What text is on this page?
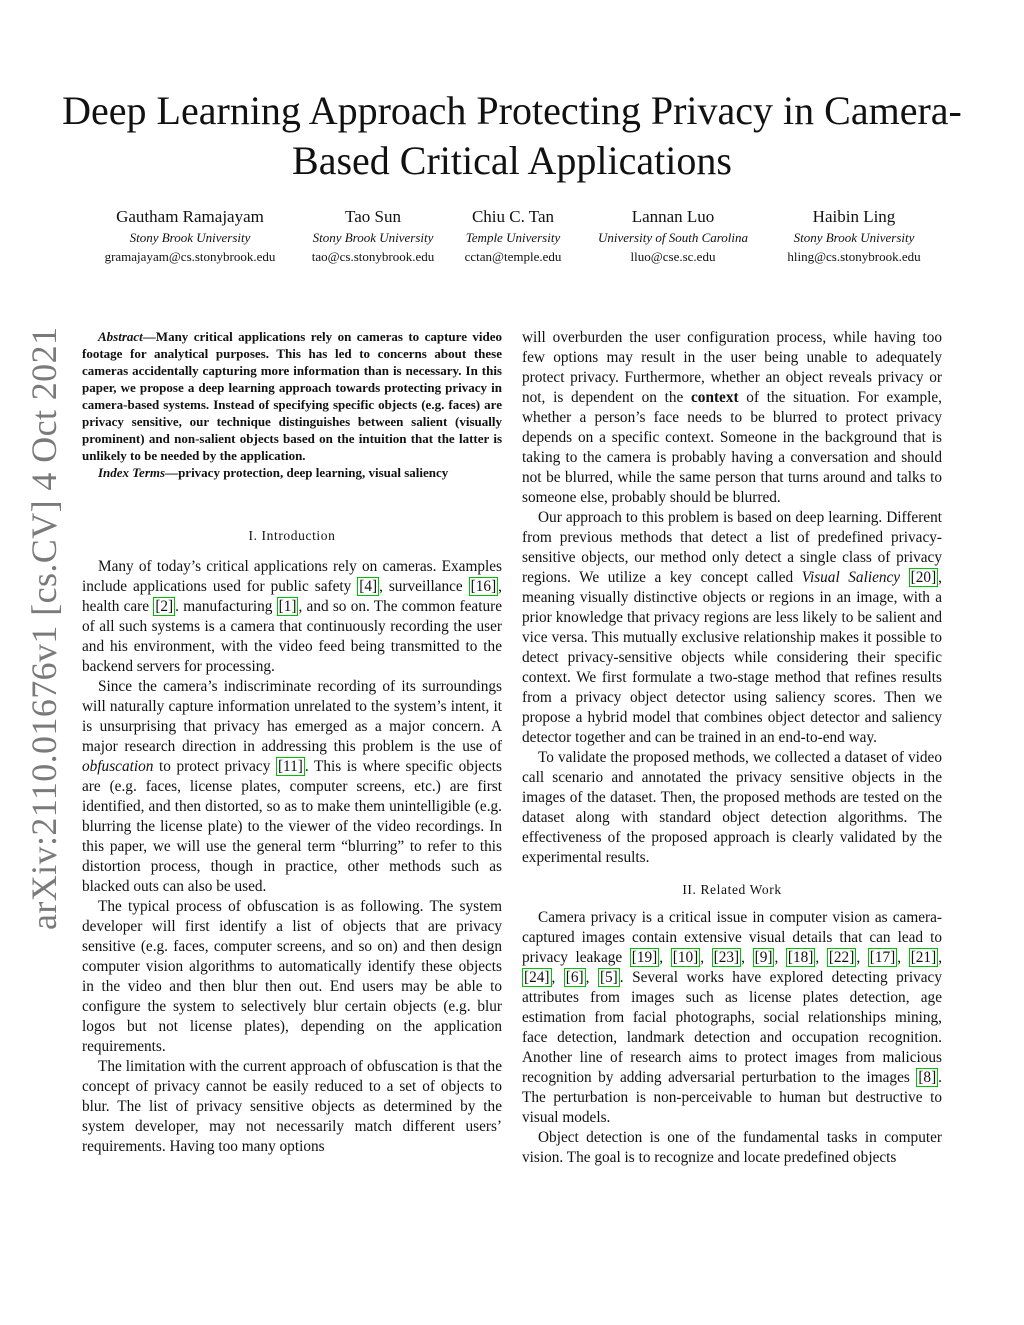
arXiv:2110.01676v1 [cs.CV] 4 Oct 2021
Deep Learning Approach Protecting Privacy in Camera-Based Critical Applications
Gautham Ramajayam
Stony Brook University
gramajayam@cs.stonybrook.edu
Tao Sun
Stony Brook University
tao@cs.stonybrook.edu
Chiu C. Tan
Temple University
cctan@temple.edu
Lannan Luo
University of South Carolina
lluo@cse.sc.edu
Haibin Ling
Stony Brook University
hling@cs.stonybrook.edu

Abstract—Many critical applications rely on cameras to capture video footage for analytical purposes. This has led to concerns about these cameras accidentally capturing more information than is necessary. In this paper, we propose a deep learning approach towards protecting privacy in camera-based systems. Instead of specifying specific objects (e.g. faces) are privacy sensitive, our technique distinguishes between salient (visually prominent) and non-salient objects based on the intuition that the latter is unlikely to be needed by the application.

Index Terms—privacy protection, deep learning, visual saliency

I. Introduction

Many of today’s critical applications rely on cameras. Examples include applications used for public safety [4] , surveillance [16] , health care [2] . manufacturing [1] , and so on. The common feature of all such systems is a camera that continuously recording the user and his environment, with the video feed being transmitted to the backend servers for processing.

Since the camera’s indiscriminate recording of its surroundings will naturally capture information unrelated to the system’s intent, it is unsurprising that privacy has emerged as a major concern. A major research direction in addressing this problem is the use of obfuscation to protect privacy [11] . This is where specific objects are (e.g. faces, license plates, computer screens, etc.) are first identified, and then distorted, so as to make them unintelligible (e.g. blurring the license plate) to the viewer of the video recordings. In this paper, we will use the general term “blurring” to refer to this distortion process, though in practice, other methods such as blacked outs can also be used.

The typical process of obfuscation is as following. The system developer will first identify a list of objects that are privacy sensitive (e.g. faces, computer screens, and so on) and then design computer vision algorithms to automatically identify these objects in the video and then blur then out. End users may be able to configure the system to selectively blur certain objects (e.g. blur logos but not license plates), depending on the application requirements.

The limitation with the current approach of obfuscation is that the concept of privacy cannot be easily reduced to a set of objects to blur. The list of privacy sensitive objects as determined by the system developer, may not necessarily match different users’ requirements. Having too many options

will overburden the user configuration process, while having too few options may result in the user being unable to adequately protect privacy. Furthermore, whether an object reveals privacy or not, is dependent on the context of the situation. For example, whether a person’s face needs to be blurred to protect privacy depends on a specific context. Someone in the background that is taking to the camera is probably having a conversation and should not be blurred, while the same person that turns around and talks to someone else, probably should be blurred.

Our approach to this problem is based on deep learning. Different from previous methods that detect a list of predefined privacy-sensitive objects, our method only detect a single class of privacy regions. We utilize a key concept called Visual Saliency [20] , meaning visually distinctive objects or regions in an image, with a prior knowledge that privacy regions are less likely to be salient and vice versa. This mutually exclusive relationship makes it possible to detect privacy-sensitive objects while considering their specific context. We first formulate a two-stage method that refines results from a privacy object detector using saliency scores. Then we propose a hybrid model that combines object detector and saliency detector together and can be trained in an end-to-end way.

To validate the proposed methods, we collected a dataset of video call scenario and annotated the privacy sensitive objects in the images of the dataset. Then, the proposed methods are tested on the dataset along with standard object detection algorithms. The effectiveness of the proposed approach is clearly validated by the experimental results.

II. Related Work

Camera privacy is a critical issue in computer vision as camera-captured images contain extensive visual details that can lead to privacy leakage [19] , [10] , [23] , [9] , [18] , [22] , [17] , [21] , [24] , [6] , [5] . Several works have explored detecting privacy attributes from images such as license plates detection, age estimation from facial photographs, social relationships mining, face detection, landmark detection and occupation recognition. Another line of research aims to protect images from malicious recognition by adding adversarial perturbation to the images [8] . The perturbation is non-perceivable to human but destructive to visual models.

Object detection is one of the fundamental tasks in computer vision. The goal is to recognize and locate predefined objects
